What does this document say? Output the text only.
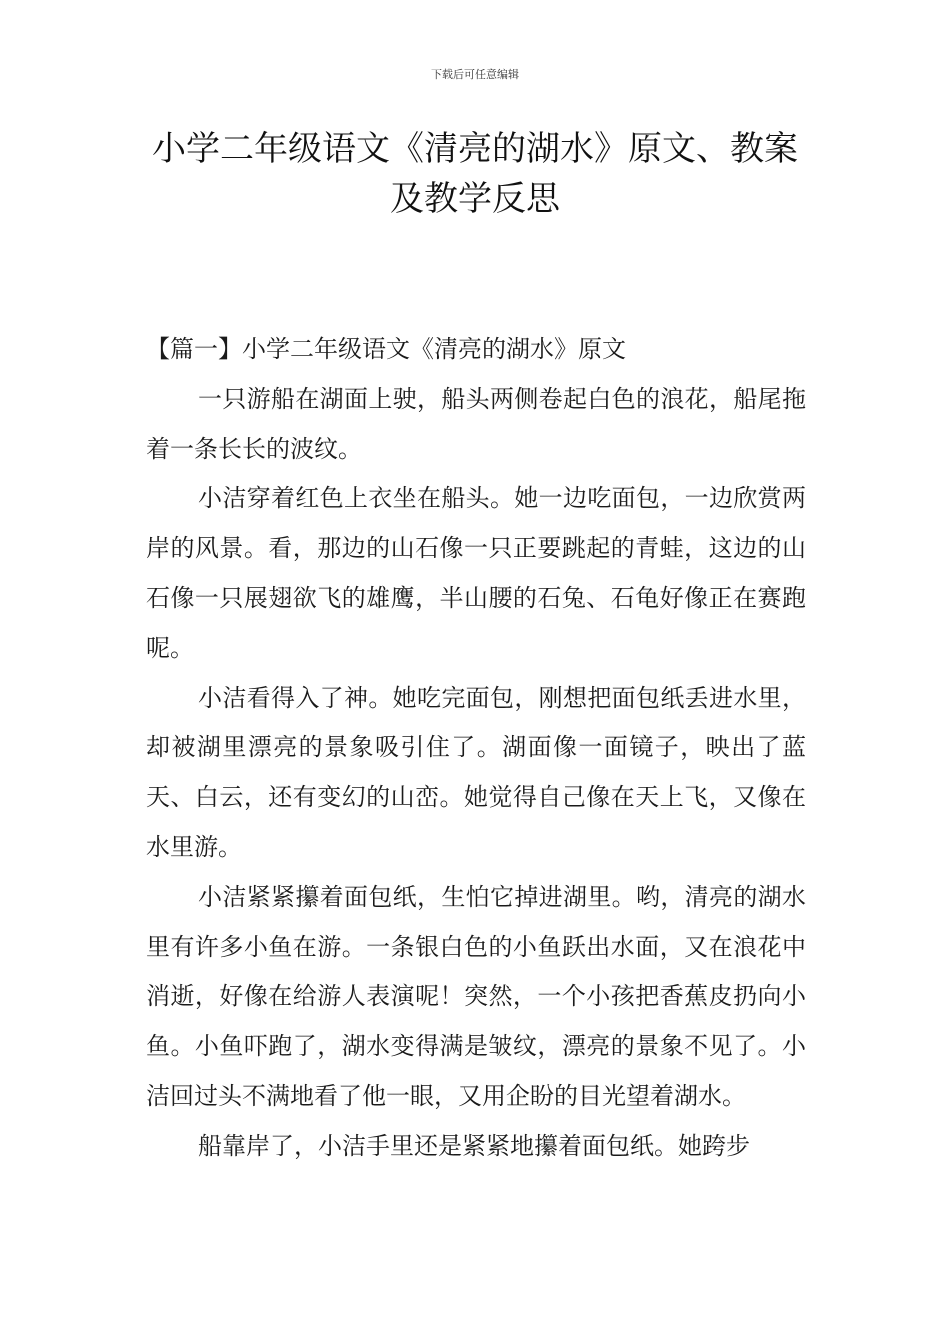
下载后可任意编辑
小学二年级语文《清亮的湖水》原文、教案及教学反思

【篇一】小学二年级语文《清亮的湖水》原文

一只游船在湖面上驶，船头两侧卷起白色的浪花，船尾拖着一条长长的波纹。

小洁穿着红色上衣坐在船头。她一边吃面包，一边欣赏两岸的风景。看，那边的山石像一只正要跳起的青蛙，这边的山石像一只展翅欲飞的雄鹰，半山腰的石兔、石龟好像正在赛跑呢。

小洁看得入了神。她吃完面包，刚想把面包纸丢进水里，却被湖里漂亮的景象吸引住了。湖面像一面镜子，映出了蓝天、白云，还有变幻的山峦。她觉得自己像在天上飞，又像在水里游。

小洁紧紧攥着面包纸，生怕它掉进湖里。哟，清亮的湖水里有许多小鱼在游。一条银白色的小鱼跃出水面，又在浪花中消逝，好像在给游人表演呢！突然，一个小孩把香蕉皮扔向小鱼。小鱼吓跑了，湖水变得满是皱纹，漂亮的景象不见了。小洁回过头不满地看了他一眼，又用企盼的目光望着湖水。

船靠岸了，小洁手里还是紧紧地攥着面包纸。她跨步
